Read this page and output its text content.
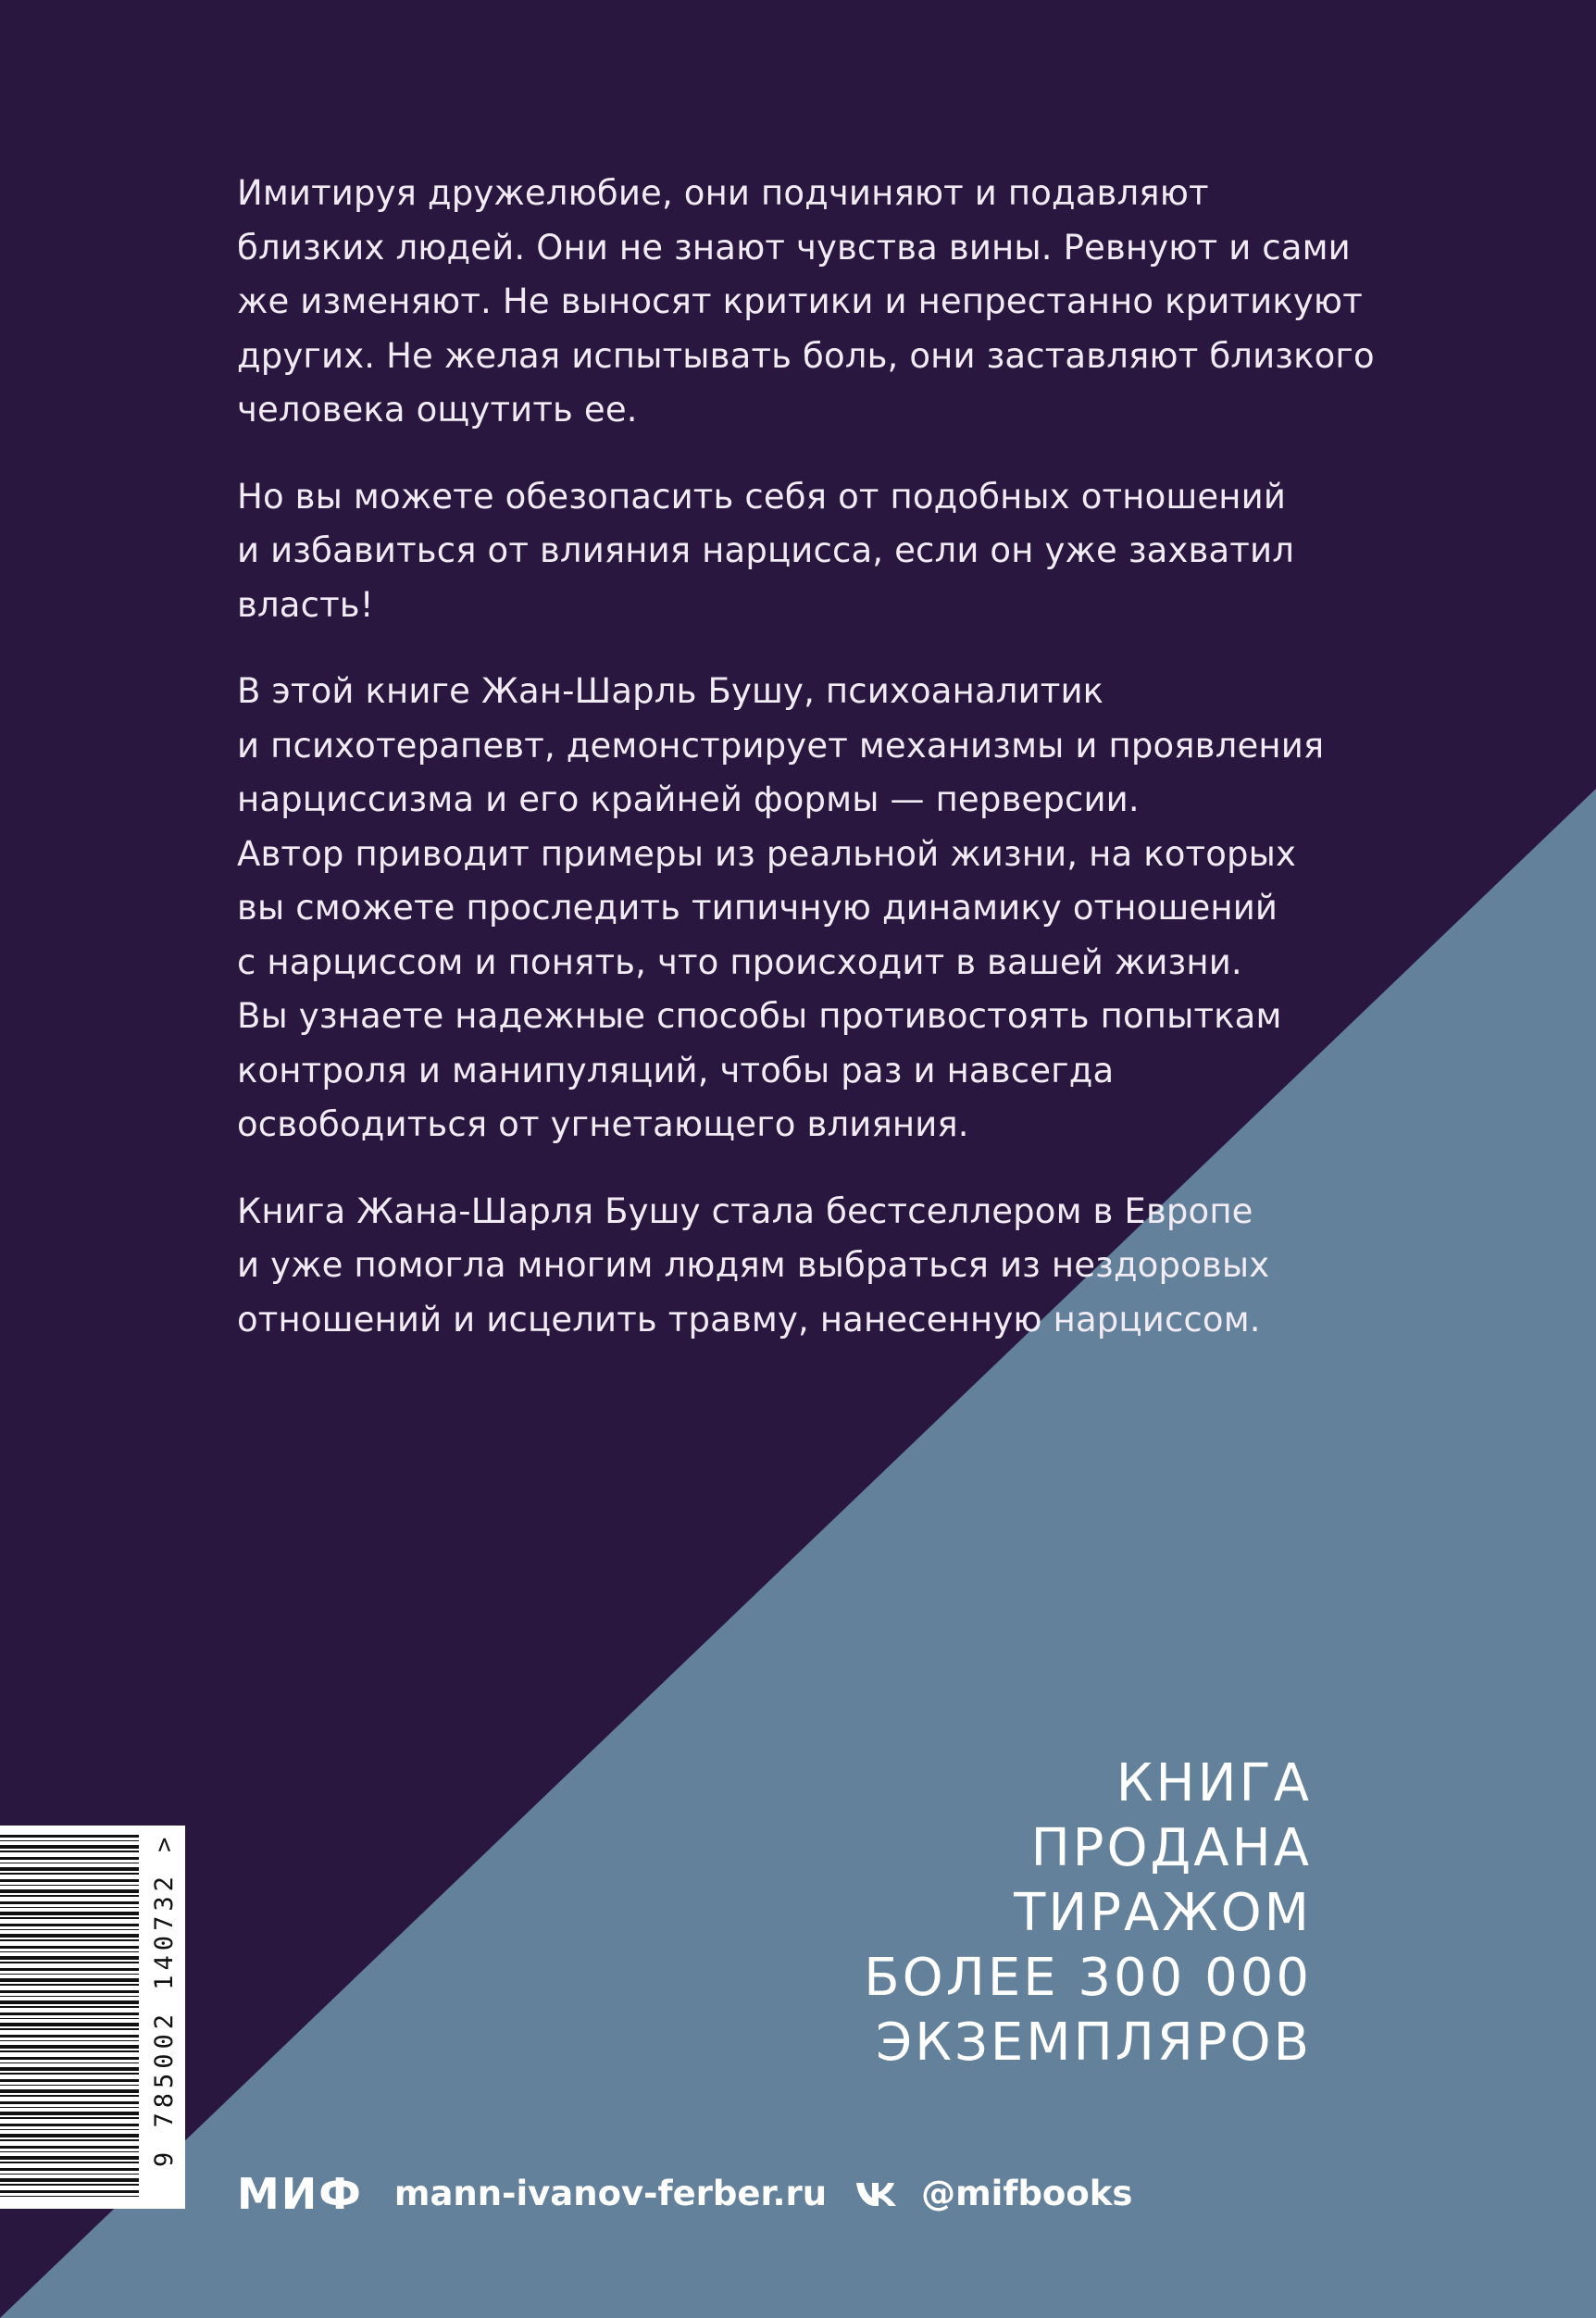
Имитируя дружелюбие, они подчиняют и подавляют
близких людей. Они не знают чувства вины. Ревнуют и сами
же изменяют. Не выносят критики и непрестанно критикуют
других. Не желая испытывать боль, они заставляют близкого
человека ощутить ее.

Но вы можете обезопасить себя от подобных отношений
и избавиться от влияния нарцисса, если он уже захватил
власть!

В этой книге Жан-Шарль Бушу, психоаналитик
и психотерапевт, демонстрирует механизмы и проявления
нарциссизма и его крайней формы — перверсии.
Автор приводит примеры из реальной жизни, на которых
вы сможете проследить типичную динамику отношений
с нарциссом и понять, что происходит в вашей жизни.
Вы узнаете надежные способы противостоять попыткам
контроля и манипуляций, чтобы раз и навсегда
освободиться от угнетающего влияния.

Книга Жана-Шарля Бушу стала бестселлером в Европе
и уже помогла многим людям выбраться из нездоровых
отношений и исцелить травму, нанесенную нарциссом.

КНИГА
ПРОДАНА
ТИРАЖОМ
БОЛЕЕ 300 000
ЭКЗЕМПЛЯРОВ
9 785002 140732 >
МИФ mann-ivanov-ferber.ru	@mifbooks
